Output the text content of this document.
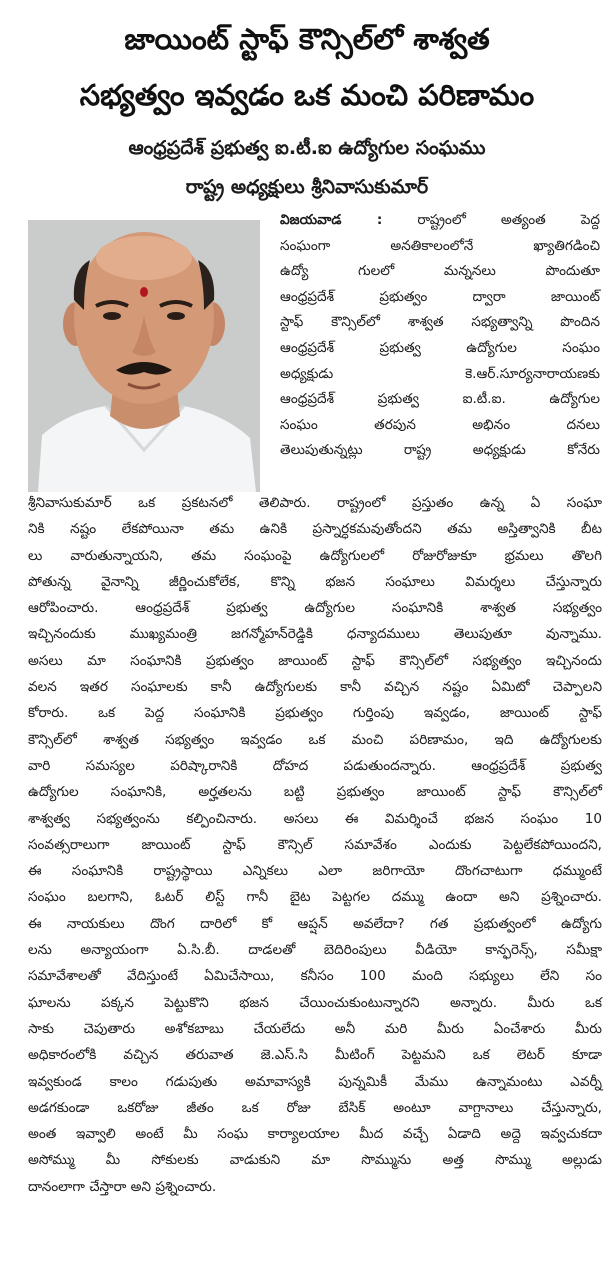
జాయింట్ స్టాఫ్ కౌన్సిల్‌లో శాశ్వత
సభ్యత్వం ఇవ్వడం ఒక మంచి పరిణామం
ఆంధ్రప్రదేశ్ ప్రభుత్వ ఐ.టీ.ఐ ఉద్యోగుల సంఘము
రాష్ట్ర అధ్యక్షులు శ్రీనివాసుకుమార్
విజయవాడ :	రాష్ట్రంలో అత్యంత పెద్ద
సంఘంగా అనతికాలంలోనే ఖ్యాతిగడించి
ఉద్యో గులలో మన్ననలు పొందుతూ
ఆంధ్రప్రదేశ్ ప్రభుత్వం ద్వారా జాయింట్
స్టాఫ్ కౌన్సిల్‌లో శాశ్వత సభ్యత్వాన్ని పొందిన
ఆంధ్రప్రదేశ్ ప్రభుత్వ ఉద్యోగుల సంఘం
అధ్యక్షుడు కె.ఆర్.సూర్యనారాయణకు
ఆంధ్రప్రదేశ్ ప్రభుత్వ ఐ.టీ.ఐ. ఉద్యోగుల
సంఘం తరపున అభినం దనలు
తెలుపుతున్నట్లు రాష్ట్ర అధ్యక్షుడు కోనేరు
శ్రీనివాసుకుమార్ ఒక ప్రకటనలో తెలిపారు. రాష్ట్రంలో ప్రస్తుతం ఉన్న ఏ సంఘా
నికి నష్టం లేకపోయినా తమ ఉనికి ప్రస్నార్ధకమవుతోందని తమ అస్తిత్వానికి బీట
లు వారుతున్నాయని, తమ సంఘంపై ఉద్యోగులలో రోజురోజుకూ భ్రమలు తొలగి
పోతున్న వైనాన్ని జీర్ణించుకోలేక, కొన్ని భజన సంఘాలు విమర్శలు చేస్తున్నారు
ఆరోపించారు. ఆంధ్రప్రదేశ్ ప్రభుత్వ ఉద్యోగుల సంఘానికి శాశ్వత సభ్యత్వం
ఇచ్చినందుకు ముఖ్యమంత్రి జగన్మోహన్‌రెడ్డికి ధన్యాదములు తెలుపుతూ వున్నాము.
అసలు మా సంఘానికి ప్రభుత్వం జాయింట్ స్టాఫ్ కౌన్సిల్‌లో సభ్యత్వం ఇచ్చినందు
వలన ఇతర సంఘాలకు కానీ ఉద్యోగులకు కానీ వచ్చిన నష్టం ఏమిటో చెప్పాలని
కోరారు. ఒక పెద్ద సంఘానికి ప్రభుత్వం గుర్తింపు ఇవ్వడం, జాయింట్ స్టాఫ్
కౌన్సిల్‌లో శాశ్వత సభ్యత్వం ఇవ్వడం ఒక మంచి పరిణామం, ఇది ఉద్యోగులకు
వారి సమస్యల పరిష్కారానికి దోహద పడుతుందన్నారు. ఆంధ్రప్రదేశ్ ప్రభుత్వ
ఉద్యోగుల సంఘానికి, అర్హతలను బట్టి ప్రభుత్వం జాయింట్ స్టాఫ్ కౌన్సిల్‌లో
శాశ్వత్వ సభ్యత్వంను కల్పించినారు. అసలు ఈ విమర్శించే భజన సంఘం 10
సంవత్సరాలుగా జాయింట్ స్టాఫ్ కౌన్సిల్ సమావేశం ఎందుకు పెట్టలేకపోయిందని,
ఈ సంఘానికి రాష్ట్రస్థాయి ఎన్నికలు ఎలా జరిగాయో దొంగచాటుగా ధమ్ముంటే
సంఘం బలగాని, ఓటర్ లిస్ట్ గానీ బైట పెట్టగల దమ్ము ఉందా అని ప్రశ్నించారు.
ఈ నాయకులు దొంగ దారిలో కో ఆప్షన్ అవలేదా? గత ప్రభుత్వంలో ఉద్యోగు
లను అన్యాయంగా ఏ.సి.బీ. దాడలతో బెదిరింపులు వీడియో కాన్ఫరెన్స్, సమీక్షా
సమావేశాలతో వేదిస్తుంటే ఏమిచేసాయి, కనీసం 100 మంది సభ్యులు లేని సం
ఘాలను పక్కన పెట్టుకొని భజన చేయించుకుంటున్నారని అన్నారు. మీరు ఒక
సాకు చెపుతారు అశోకబాబు చేయలేదు అనీ మరి మీరు ఏంచేశారు మీరు
అధికారంలోకి వచ్చిన తరువాత జె.ఎస్.సి మీటింగ్ పెట్టమని ఒక లెటర్ కూడా
ఇవ్వకుండ కాలం గడుపుతు అమావాస్యకి పున్నమికీ మేము ఉన్నామంటు ఎవర్నీ
అడగకుండా ఒకరోజు జీతం ఒక రోజు బేసిక్ అంటూ వాగ్దానాలు చేస్తున్నారు,
అంత ఇవ్వాలి అంటే మీ సంఘ కార్యాలయాల మీద వచ్చే ఏడాది అద్దె ఇవ్వచుకదా
అసోమ్ము మీ సోకులకు వాడుకుని మా సొమ్మును అత్త సొమ్ము అల్లుడు
దానంలాగా చేస్తారా అని ప్రశ్నించారు.
